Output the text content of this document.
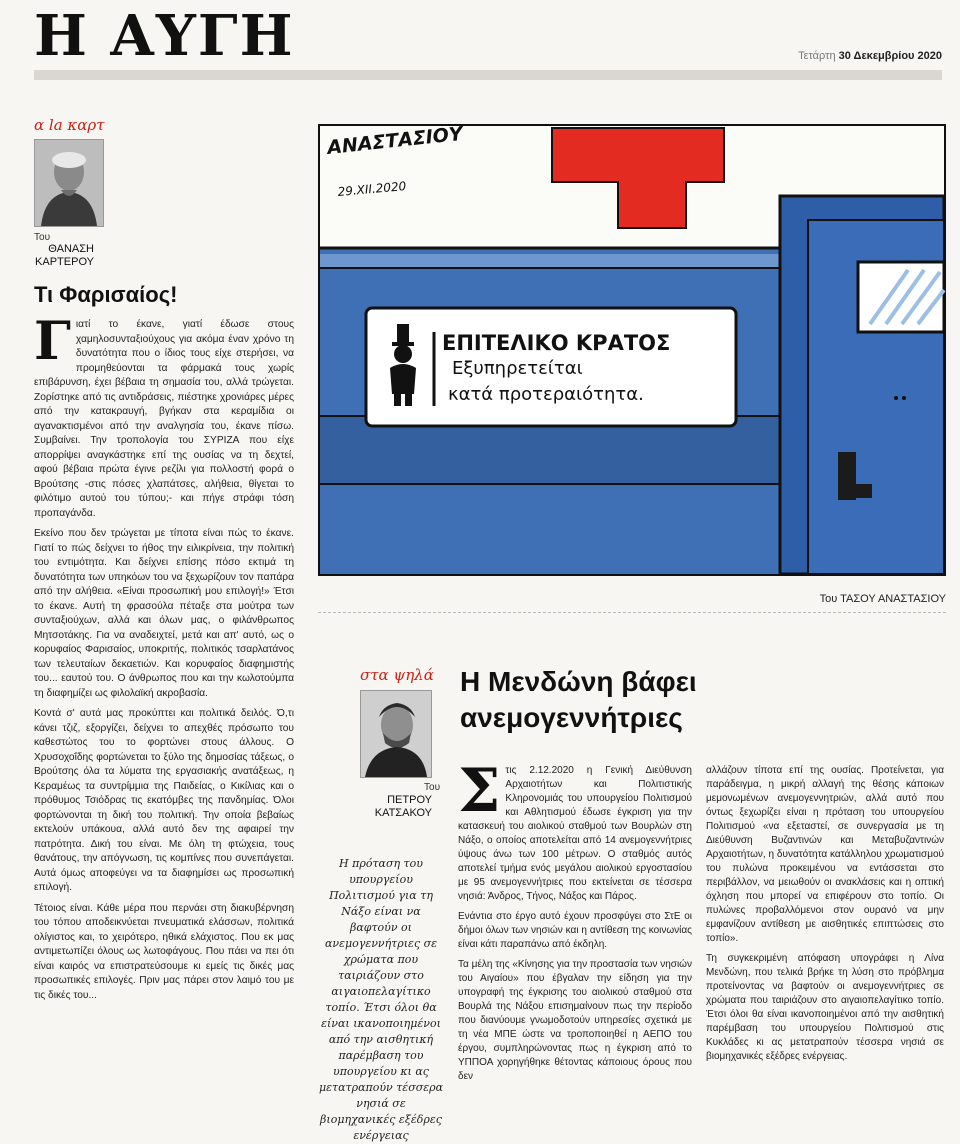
Η ΑΥΓΗ	Τετάρτη 30 Δεκεμβρίου 2020
α la καρτ
Του
ΘΑΝΑΣΗ
ΚΑΡΤΕΡΟΥ
Τι Φαρισαίος!

Γιατί το έκανε, γιατί έδωσε στους χαμηλοσυνταξιούχους για ακόμα έναν χρόνο τη δυνατότητα που ο ίδιος τους είχε στερήσει, να προμηθεύονται τα φάρμακά τους χωρίς επιβάρυνση, έχει βέβαια τη σημασία του, αλλά τρώγεται. Ζορίστηκε από τις αντιδράσεις, πιέστηκε χρονιάρες μέρες από την κατακραυγή, βγήκαν στα κεραμίδια οι αγανακτισμένοι από την αναλγησία του, έκανε πίσω. Συμβαίνει. Την τροπολογία του ΣΥΡΙΖΑ που είχε απορρίψει αναγκάστηκε επί της ουσίας να τη δεχτεί, αφού βέβαια πρώτα έγινε ρεζίλι για πολλοστή φορά ο Βρούτσης -στις πόσες χλαπάτσες, αλήθεια, θίγεται το φιλότιμο αυτού του τύπου;- και πήγε στράφι τόση προπαγάνδα.

Εκείνο που δεν τρώγεται με τίποτα είναι πώς το έκανε. Γιατί το πώς δείχνει το ήθος την ειλικρίνεια, την πολιτική του εντιμότητα. Και δείχνει επίσης πόσο εκτιμά τη δυνατότητα των υπηκόων του να ξεχωρίζουν τον παπάρα από την αλήθεια. «Είναι προσωπική μου επιλογή!» Έτσι το έκανε. Αυτή τη φρασούλα πέταξε στα μούτρα των συνταξιούχων, αλλά και όλων μας, ο φιλάνθρωπος Μητσοτάκης. Για να αναδειχτεί, μετά και απ' αυτό, ως ο κορυφαίος Φαρισαίος, υποκριτής, πολιτικός τσαρλατάνος των τελευταίων δεκαετιών. Και κορυφαίος διαφημιστής του... εαυτού του. Ο άνθρωπος που και την κωλοτούμπα τη διαφημίζει ως φιλολαϊκή ακροβασία.

Κοντά σ' αυτά μας προκύπτει και πολιτικά δειλός. Ό,τι κάνει τζιζ, εξοργίζει, δείχνει το απεχθές πρόσωπο του καθεστώτος του το φορτώνει στους άλλους. Ο Χρυσοχοΐδης φορτώνεται το ξύλο της δημοσίας τάξεως, ο Βρούτσης όλα τα λύματα της εργασιακής ανατάξεως, η Κεραμέως τα συντρίμμια της Παιδείας, ο Κικίλιας και ο πρόθυμος Τσιόδρας τις εκατόμβες της πανδημίας. Όλοι φορτώνονται τη δική του πολιτική. Την οποία βεβαίως εκτελούν υπάκουα, αλλά αυτό δεν της αφαιρεί την πατρότητα. Δική του είναι. Με όλη τη φτώχεια, τους θανάτους, την απόγνωση, τις κομπίνες που συνεπάγεται. Αυτά όμως αποφεύγει να τα διαφημίσει ως προσωπική επιλογή.

Τέτοιος είναι. Κάθε μέρα που περνάει στη διακυβέρνηση του τόπου αποδεικνύεται πνευματικά ελάσσων, πολιτικά ολίγιστος και, το χειρότερο, ηθικά ελάχιστος. Που εκ μας αντιμετωπίζει όλους ως λωτοφάγους. Που πάει να πει ότι είναι καιρός να επιστρατεύσουμε κι εμείς τις δικές μας προσωπικές επιλογές. Πριν μας πάρει στον λαιμό του με τις δικές του...

ΕΠΙΤΕΛΙΚΟ ΚΡΑΤΟΣ
Εξυπηρετείται
κατά προτεραιότητα.
ΑΝΑΣΤΑΣΙΟΥ
29.XII.2020
Του ΤΑΣΟΥ ΑΝΑΣΤΑΣΙΟΥ
στα ψηλά
Του
ΠΕΤΡΟΥ
ΚΑΤΣΑΚΟΥ
Η Μενδώνη βάφει
ανεμογεννήτριες
Η πρόταση του υπουργείου Πολιτισμού για τη Νάξο είναι να βαφτούν οι ανεμογεννήτριες σε χρώματα που ταιριάζουν στο αιγαιοπελαγίτικο τοπίο. Έτσι όλοι θα είναι ικανοποιημένοι από την αισθητική παρέμβαση του υπουργείου κι ας μετατραπούν τέσσερα νησιά σε βιομηχανικές εξέδρες ενέργειας

Στις 2.12.2020 η Γενική Διεύθυνση Αρχαιοτήτων και Πολιτιστικής Κληρονομιάς του υπουργείου Πολιτισμού και Αθλητισμού έδωσε έγκριση για την κατασκευή του αιολικού σταθμού των Βουρλών στη Νάξο, ο οποίος αποτελείται από 14 ανεμογεννήτριες ύψους άνω των 100 μέτρων. Ο σταθμός αυτός αποτελεί τμήμα ενός μεγάλου αιολικού εργοστασίου με 95 ανεμογεννήτριες που εκτείνεται σε τέσσερα νησιά: Άνδρος, Τήνος, Νάξος και Πάρος.

Ενάντια στο έργο αυτό έχουν προσφύγει στο ΣτΕ οι δήμοι όλων των νησιών και η αντίθεση της κοινωνίας είναι κάτι παραπάνω από έκδηλη.

Τα μέλη της «Κίνησης για την προστασία των νησιών του Αιγαίου» που έβγαλαν την είδηση για την υπογραφή της έγκρισης του αιολικού σταθμού στα Βουρλά της Νάξου επισημαίνουν πως την περίοδο που διανύουμε γνωμοδοτούν υπηρεσίες σχετικά με τη νέα ΜΠΕ ώστε να τροποποιηθεί η ΑΕΠΟ του έργου, συμπληρώνοντας πως η έγκριση από το ΥΠΠΟΑ χορηγήθηκε θέτοντας κάποιους όρους που δεν

αλλάζουν τίποτα επί της ουσίας. Προτείνεται, για παράδειγμα, η μικρή αλλαγή της θέσης κάποιων μεμονωμένων ανεμογεννητριών, αλλά αυτό που όντως ξεχωρίζει είναι η πρόταση του υπουργείου Πολιτισμού «να εξεταστεί, σε συνεργασία με τη Διεύθυνση Βυζαντινών και Μεταβυζαντινών Αρχαιοτήτων, η δυνατότητα κατάλληλου χρωματισμού του πυλώνα προκειμένου να εντάσσεται στο περιβάλλον, να μειωθούν οι ανακλάσεις και η οπτική όχληση που μπορεί να επιφέρουν στο τοπίο. Οι πυλώνες προβαλλόμενοι στον ουρανό να μην εμφανίζουν αντίθεση με αισθητικές επιπτώσεις στο τοπίο».

Τη συγκεκριμένη απόφαση υπογράφει η Λίνα Μενδώνη, που τελικά βρήκε τη λύση στο πρόβλημα προτείνοντας να βαφτούν οι ανεμογεννήτριες σε χρώματα που ταιριάζουν στο αιγαιοπελαγίτικο τοπίο. Έτσι όλοι θα είναι ικανοποιημένοι από την αισθητική παρέμβαση του υπουργείου Πολιτισμού στις Κυκλάδες κι ας μετατραπούν τέσσερα νησιά σε βιομηχανικές εξέδρες ενέργειας.
